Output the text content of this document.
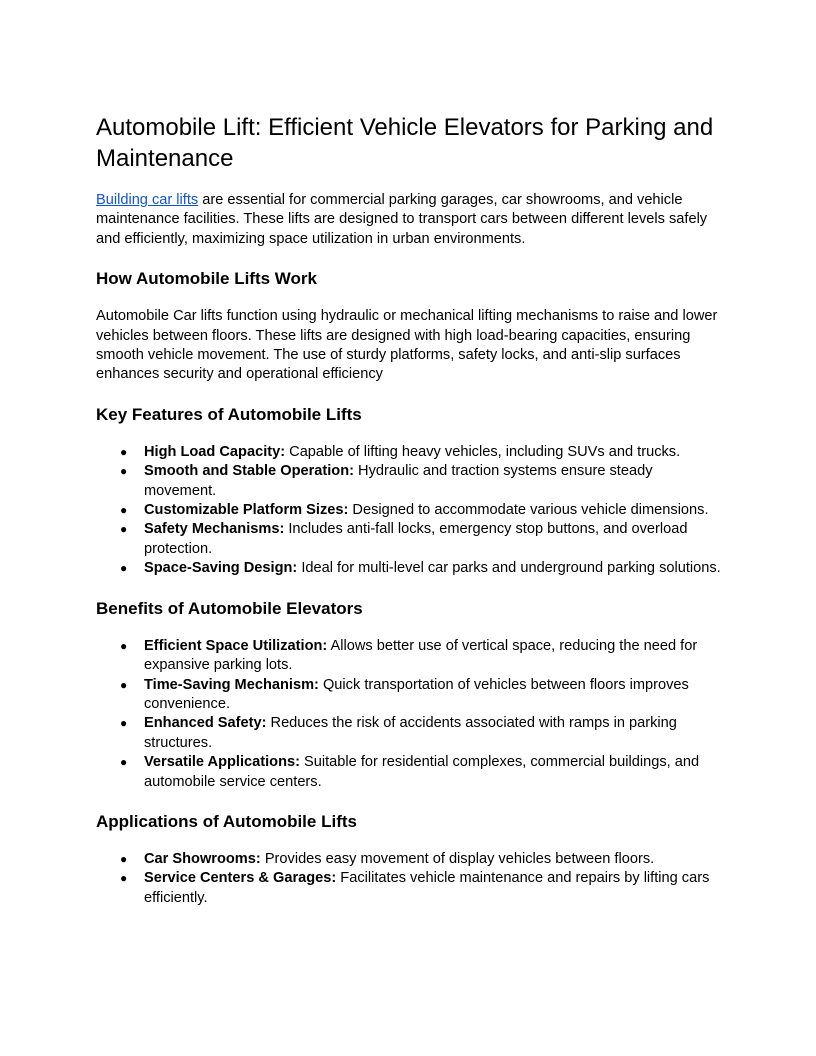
Automobile Lift: Efficient Vehicle Elevators for Parking and Maintenance

Building car lifts are essential for commercial parking garages, car showrooms, and vehicle maintenance facilities. These lifts are designed to transport cars between different levels safely and efficiently, maximizing space utilization in urban environments.

How Automobile Lifts Work

Automobile Car lifts function using hydraulic or mechanical lifting mechanisms to raise and lower vehicles between floors. These lifts are designed with high load-bearing capacities, ensuring smooth vehicle movement. The use of sturdy platforms, safety locks, and anti-slip surfaces enhances security and operational efficiency

Key Features of Automobile Lifts
● High Load Capacity: Capable of lifting heavy vehicles, including SUVs and trucks.
● Smooth and Stable Operation: Hydraulic and traction systems ensure steady movement.
● Customizable Platform Sizes: Designed to accommodate various vehicle dimensions.
● Safety Mechanisms: Includes anti-fall locks, emergency stop buttons, and overload protection.
● Space-Saving Design: Ideal for multi-level car parks and underground parking solutions.
Benefits of Automobile Elevators
● Efficient Space Utilization: Allows better use of vertical space, reducing the need for expansive parking lots.
● Time-Saving Mechanism: Quick transportation of vehicles between floors improves convenience.
● Enhanced Safety: Reduces the risk of accidents associated with ramps in parking structures.
● Versatile Applications: Suitable for residential complexes, commercial buildings, and automobile service centers.
Applications of Automobile Lifts
● Car Showrooms: Provides easy movement of display vehicles between floors.
● Service Centers & Garages: Facilitates vehicle maintenance and repairs by lifting cars efficiently.
